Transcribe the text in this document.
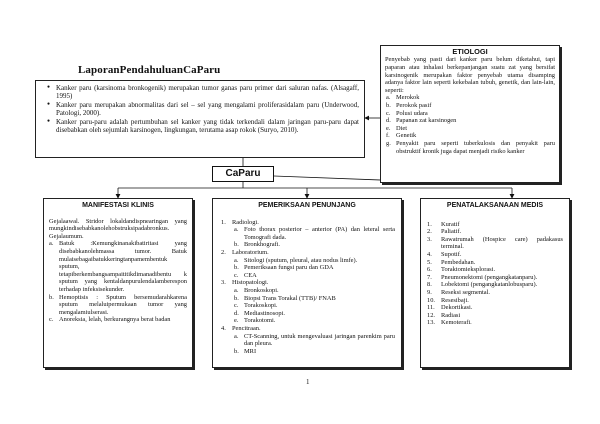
LaporanPendahuluanCaParu
● Kanker paru (karsinoma bronkogenik) merupakan tumor ganas paru primer dari saluran nafas. (Alsagaff, 1995)
● Kanker paru merupakan abnormalitas dari sel – sel yang mengalami proliferasidalam paru (Underwood, Patologi, 2000).
● Kanker paru-paru adalah pertumbuhan sel kanker yang tidak terkendali dalam jaringan paru-paru dapat disebabkan oleh sejumlah karsinogen, lingkungan, terutama asap rokok (Suryo, 2010).
ETIOLOGI
Penyebab yang pasti dari kanker paru belum diketahui, tapi paparan atau inhalasi berkepanjangan suatu zat yang bersifat karsinogenik merupakan faktor penyebab utama disamping adanya faktor lain seperti kekebalan tubuh, genetik, dan lain-lain, seperti:
a. Merokok
b. Perokok pasif
c. Polusi udara
d. Papanan zat karsinogen
e. Diet
f. Genetik
g. Penyakit paru seperti tuberkulosis dan penyakit paru obstruktif kronik juga dapat menjadi risiko kanker
CaParu
MANIFESTASI KLINIS
Gejalaawal. Stridor lokaldandispnearingan yang mungkindisebabkanolehobstruksipadabronkus.
Gejalaumum.
a. Batuk :Kemungkinanakibatiritasi yang disebabkanolehmassa tumor. Batuk mulaisebagaibatukkeringtanpamembentuk sputum, tetapiberkembangsampaititikdimanadibentu k sputum yang kentaldanpurulendalamberespon terhadap infeksisekunder.
b. Hemoptisis : Sputum bersemudarahkarena sputum melaluipermukaan tumor yang mengalamiulserasi.
c. Anoreksia, lelah, berkurangnya berat badan
PEMERIKSAAN PENUNJANG
1. Radiologi.
a. Foto thorax posterior – anterior (PA) dan leteral serta Tomografi dada.
b. Bronkhografi.
2. Laboratorium.
a. Sitologi (sputum, pleural, atau nodus limfe).
b. Pemeriksaan fungsi paru dan GDA
c. CEA
3. Histopatologi.
a. Bronkoskopi.
b. Biopsi Trans Torakal (TTB)/ FNAB
c. Torakoskopi.
d. Mediastinosopi.
e. Torakotomi.
4. Pencitraan.
a. CT-Scanning, untuk mengevaluasi jaringan parenkim paru dan pleura.
b. MRI
PENATALAKSANAAN MEDIS
1. Kuratif
2. Paliatif.
3. Rawatrumah (Hospice care) padakasus terminal.
4. Supotif.
5. Pembedahan.
6. Toraktomieksplorasi.
7. Pneumonektomi (pengangkatanparu).
8. Lobektomi (pengangkatanlobusparu).
9. Reseksi segmental.
10. Resesibaji.
11. Dekortikasi.
12. Radiasi
13. Kemoterafi.
1
